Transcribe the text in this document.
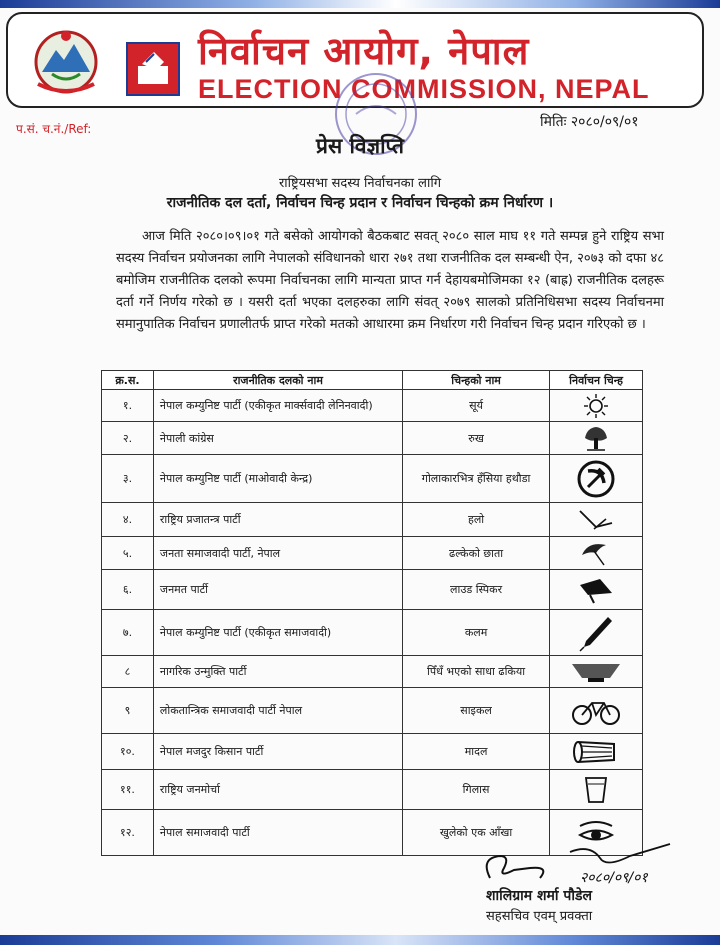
निर्वाचन आयोग, नेपाल
ELECTION COMMISSION, NEPAL
प.सं. च.नं./Ref:	मितिः २०८०/०९/०१
प्रेस विज्ञप्ति
राष्ट्रियसभा सदस्य निर्वाचनका लागि
राजनीतिक दल दर्ता, निर्वाचन चिन्ह प्रदान र निर्वाचन चिन्हको क्रम निर्धारण ।
आज मिति २०८०।०९।०१ गते बसेको आयोगको बैठकबाट सवत् २०८० साल माघ ११ गते सम्पन्न हुने राष्ट्रिय सभा सदस्य निर्वाचन प्रयोजनका लागि नेपालको संविधानको धारा २७१ तथा राजनीतिक दल सम्बन्धी ऐन, २०७३ को दफा ४८ बमोजिम राजनीतिक दलको रूपमा निर्वाचनका लागि मान्यता प्राप्त गर्न देहायबमोजिमका १२ (बाह्र) राजनीतिक दलहरू दर्ता गर्ने निर्णय गरेको छ । यसरी दर्ता भएका दलहरुका लागि संवत् २०७९ सालको प्रतिनिधिसभा सदस्य निर्वाचनमा समानुपातिक निर्वाचन प्रणालीतर्फ प्राप्त गरेको मतको आधारमा क्रम निर्धारण गरी निर्वाचन चिन्ह प्रदान गरिएको छ ।
क्र.स.	राजनीतिक दलको नाम	चिन्हको नाम	निर्वाचन चिन्ह
१.	नेपाल कम्युनिष्ट पार्टी (एकीकृत मार्क्सवादी लेनिनवादी)	सूर्य	

२.	नेपाली कांग्रेस	रुख	

३.	नेपाल कम्युनिष्ट पार्टी (माओवादी केन्द्र)	गोलाकारभित्र हँसिया हथौडा	

४.	राष्ट्रिय प्रजातन्त्र पार्टी	हलो	

५.	जनता समाजवादी पार्टी, नेपाल	ढल्केको छाता	

६.	जनमत पार्टी	लाउड स्पिकर	

७.	नेपाल कम्युनिष्ट पार्टी (एकीकृत समाजवादी)	कलम	

८	नागरिक उन्मुक्ति पार्टी	पिँधँ भएको साधा ढकिया	

९	लोकतान्त्रिक समाजवादी पार्टी नेपाल	साइकल	

१०.	नेपाल मजदुर किसान पार्टी	मादल	

११.	राष्ट्रिय जनमोर्चा	गिलास	

१२.	नेपाल समाजवादी पार्टी	खुलेको एक आँखा	
२०८०/०९/०१
शालिग्राम शर्मा पौडेल
सहसचिव एवम् प्रवक्ता
